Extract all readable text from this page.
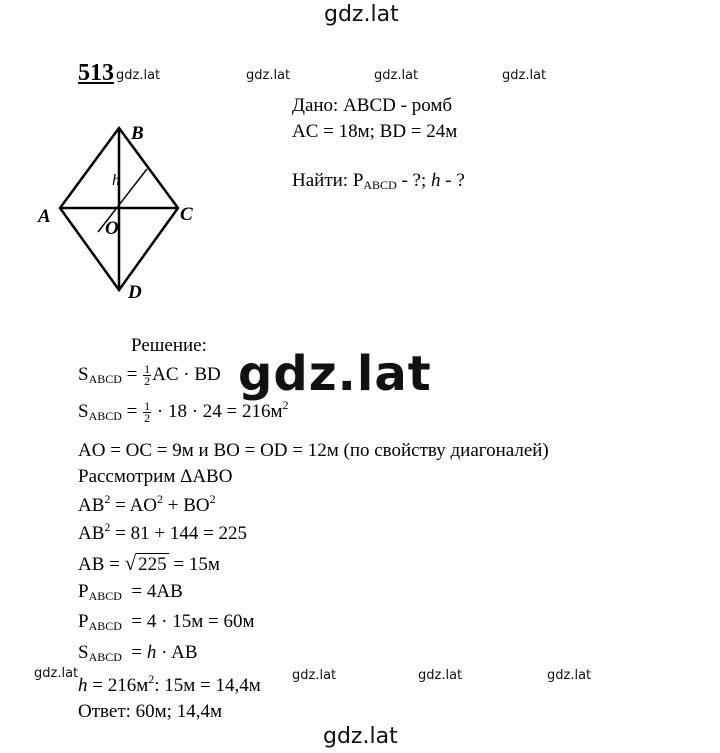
gdz.lat
513 gdz.lat	gdz.lat	gdz.lat	gdz.lat
Дано: ABCD - ромб
AC = 18м; BD = 24м
Найти: $P_{ABCD}$ - ?; h - ?
B
A	C
D
O
h
Решение:
$S_{ABCD} = \frac{1}{2}$ AC · BD
$S_{ABCD} = \frac{1}{2} \cdot 18 \cdot 24 = 216м^2$
AO = OC = 9м и BO = OD = 12м (по свойству диагоналей)
Рассмотрим ΔABO
$AB^2 = AO^2 + BO^2$
$AB^2 = 81 + 144 = 225$
AB = √ 225 = 15м
$P_{ABCD} = 4AB$
$P_{ABCD} = 4 \cdot 15м = 60м$
$S_{ABCD} = h$ · AB
$h = 216м^2$: 15м = 14,4м
Ответ: 60м; 14,4м
gdz.lat	gdz.lat	gdz.lat	gdz.lat
gdz.lat
gdz.lat
